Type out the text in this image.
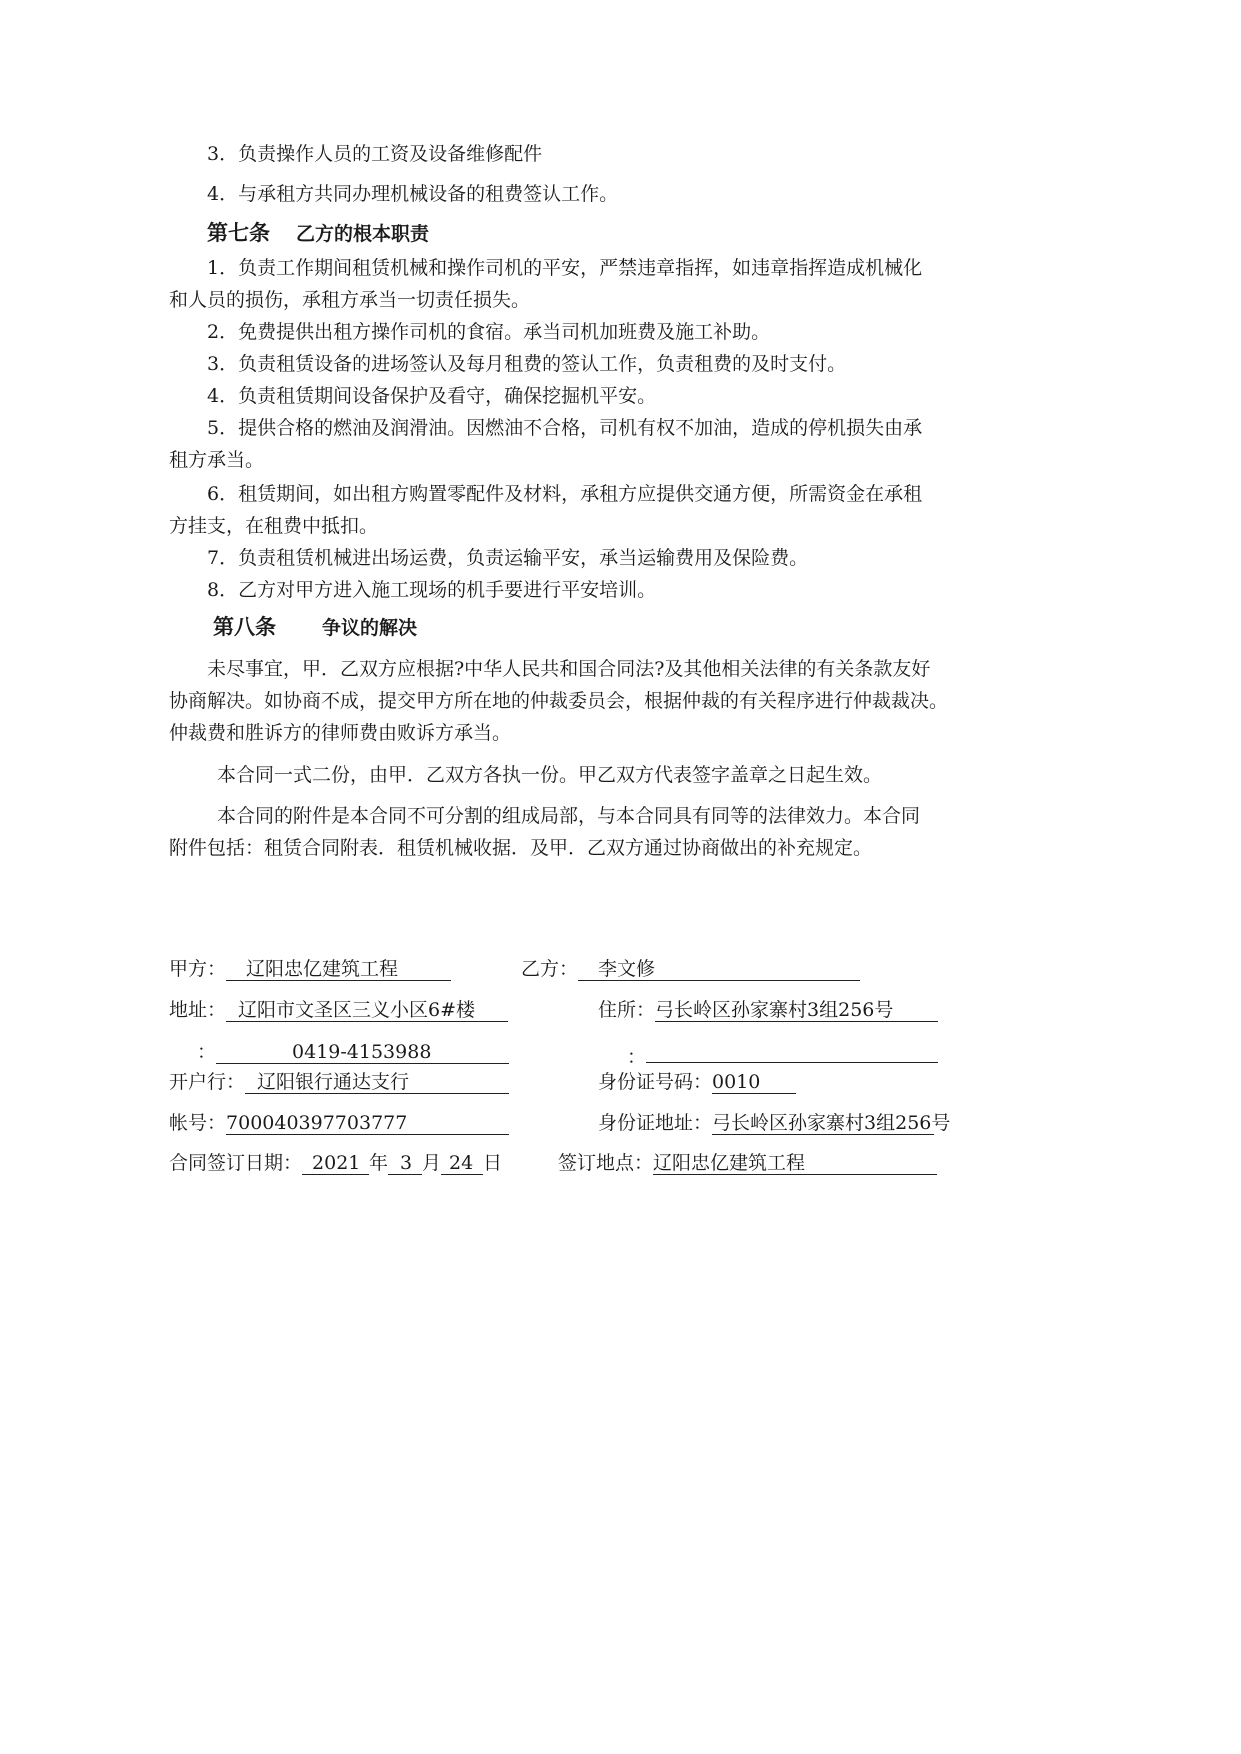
3．负责操作人员的工资及设备维修配件
4．与承租方共同办理机械设备的租费签认工作。
第七条 乙方的根本职责
1．负责工作期间租赁机械和操作司机的平安，严禁违章指挥，如违章指挥造成机械化
和人员的损伤，承租方承当一切责任损失。
2．免费提供出租方操作司机的食宿。承当司机加班费及施工补助。
3．负责租赁设备的进场签认及每月租费的签认工作，负责租费的及时支付。
4．负责租赁期间设备保护及看守，确保挖掘机平安。
5．提供合格的燃油及润滑油。因燃油不合格，司机有权不加油，造成的停机损失由承
租方承当。
6．租赁期间，如出租方购置零配件及材料，承租方应提供交通方便，所需资金在承租
方挂支，在租费中抵扣。
7．负责租赁机械进出场运费，负责运输平安，承当运输费用及保险费。
8．乙方对甲方进入施工现场的机手要进行平安培训。
第八条 争议的解决
未尽事宜，甲．乙双方应根据?中华人民共和国合同法?及其他相关法律的有关条款友好
协商解决。如协商不成，提交甲方所在地的仲裁委员会，根据仲裁的有关程序进行仲裁裁决。
仲裁费和胜诉方的律师费由败诉方承当。
本合同一式二份，由甲．乙双方各执一份。甲乙双方代表签字盖章之日起生效。
本合同的附件是本合同不可分割的组成局部，与本合同具有同等的法律效力。本合同
附件包括：租赁合同附表．租赁机械收据．及甲．乙双方通过协商做出的补充规定。
甲方： 辽阳忠亿建筑工程	乙方： 李文修
地址： 辽阳市文圣区三义小区6#楼	住所：弓长岭区孙家寨村3组256号
：	0419-4153988	：
开户行： 辽阳银行通达支行	身份证号码：0010
帐号：700040397703777	身份证地址：弓长岭区孙家寨村3组256号
合同签订日期： 2021 年 3 月 24 日	签订地点：辽阳忠亿建筑工程
